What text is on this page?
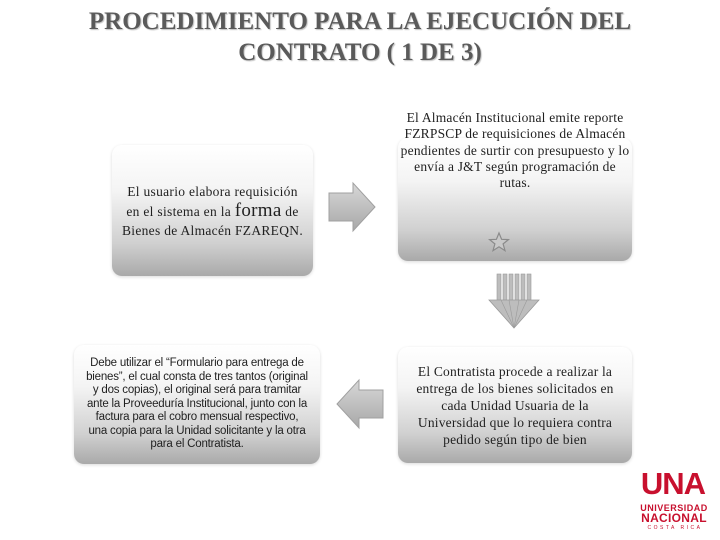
PROCEDIMIENTO PARA LA EJECUCIÓN DEL
CONTRATO ( 1 DE 3)
El usuario elabora requisición en el sistema en la forma de Bienes de Almacén FZAREQN.
El Almacén Institucional emite reporte FZRPSCP de requisiciones de Almacén pendientes de surtir con presupuesto y lo envía a J&T según programación de rutas.
El Contratista procede a realizar la entrega de los bienes solicitados en cada Unidad Usuaria de la Universidad que lo requiera contra pedido según tipo de bien
Debe utilizar el “Formulario para entrega de bienes”, el cual consta de tres tantos (original y dos copias), el original será para tramitar ante la Proveeduría Institucional, junto con la factura para el cobro mensual respectivo, una copia para la Unidad solicitante y la otra para el Contratista.
UNA
UNIVERSIDAD
NACIONAL
COSTA RICA
